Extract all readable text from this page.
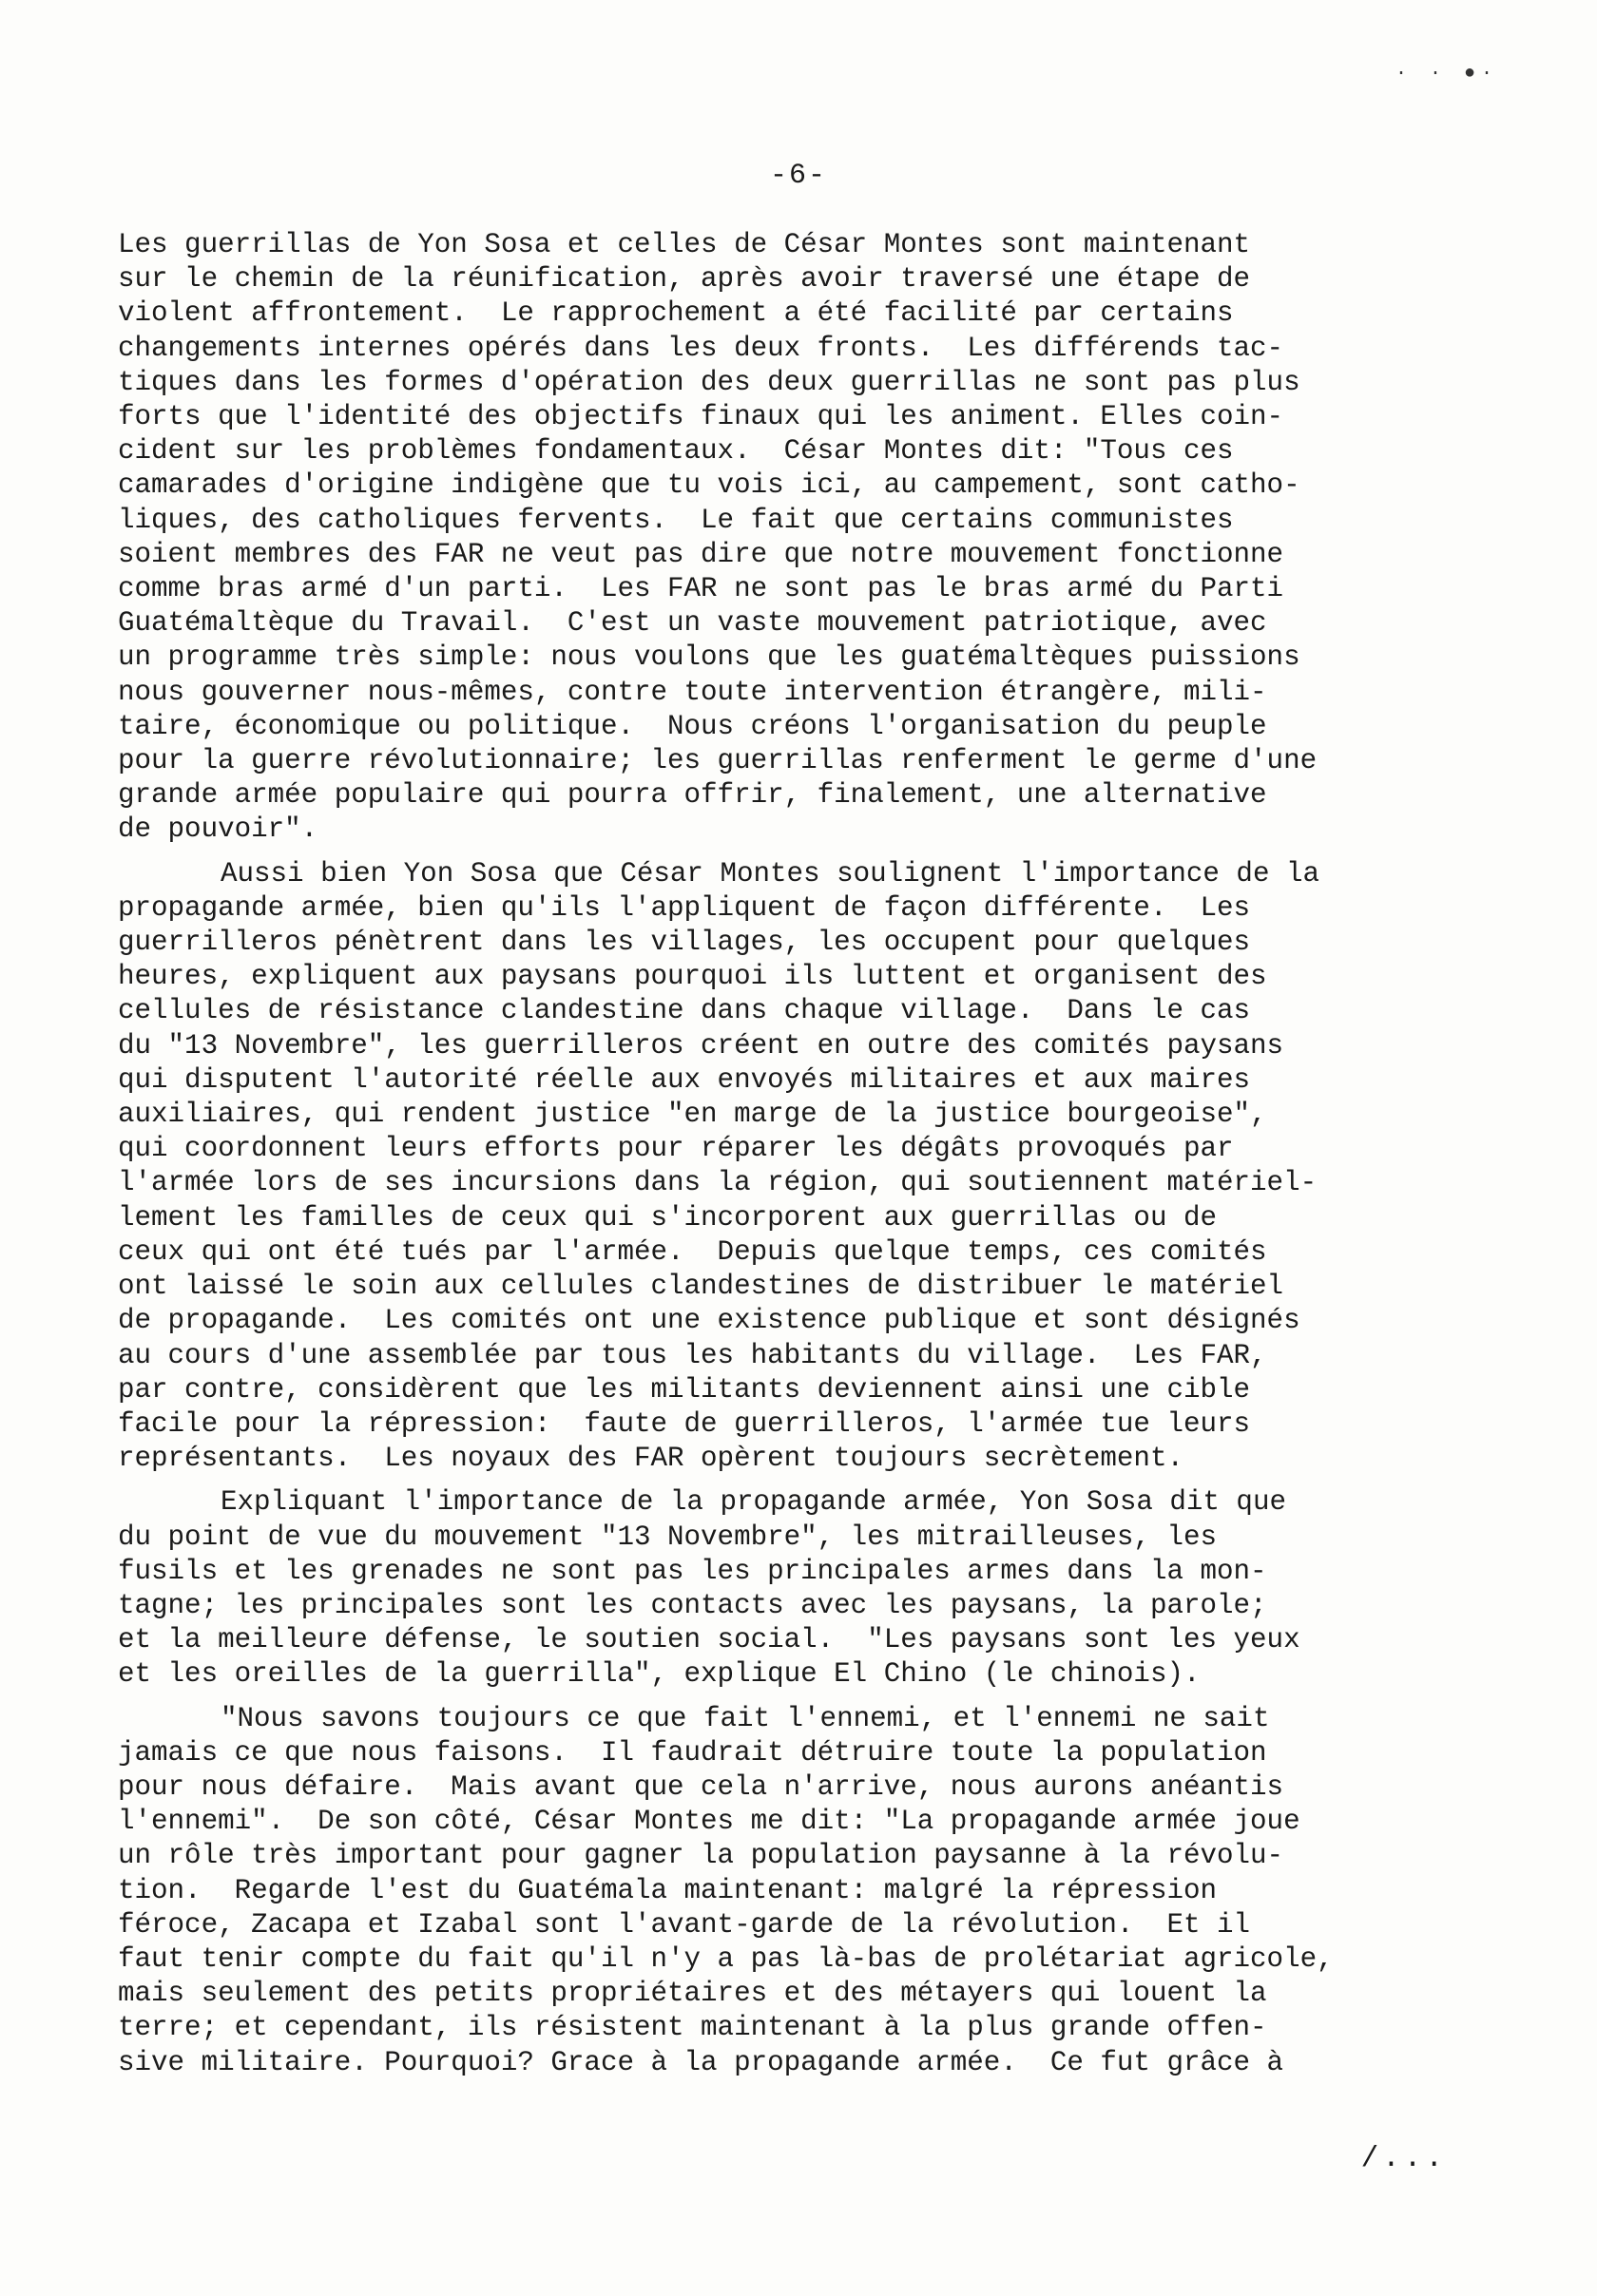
· · ●·
-6-
Les guerrillas de Yon Sosa et celles de César Montes sont maintenant
sur le chemin de la réunification, après avoir traversé une étape de
violent affrontement.  Le rapprochement a été facilité par certains
changements internes opérés dans les deux fronts.  Les différends tac-
tiques dans les formes d'opération des deux guerrillas ne sont pas plus
forts que l'identité des objectifs finaux qui les animent. Elles coin-
cident sur les problèmes fondamentaux.  César Montes dit: "Tous ces
camarades d'origine indigène que tu vois ici, au campement, sont catho-
liques, des catholiques fervents.  Le fait que certains communistes
soient membres des FAR ne veut pas dire que notre mouvement fonctionne
comme bras armé d'un parti.  Les FAR ne sont pas le bras armé du Parti
Guatémaltèque du Travail.  C'est un vaste mouvement patriotique, avec
un programme très simple: nous voulons que les guatémaltèques puissions
nous gouverner nous-mêmes, contre toute intervention étrangère, mili-
taire, économique ou politique.  Nous créons l'organisation du peuple
pour la guerre révolutionnaire; les guerrillas renferment le germe d'une
grande armée populaire qui pourra offrir, finalement, une alternative
de pouvoir".
Aussi bien Yon Sosa que César Montes soulignent l'importance de la
propagande armée, bien qu'ils l'appliquent de façon différente.  Les
guerrilleros pénètrent dans les villages, les occupent pour quelques
heures, expliquent aux paysans pourquoi ils luttent et organisent des
cellules de résistance clandestine dans chaque village.  Dans le cas
du "13 Novembre", les guerrilleros créent en outre des comités paysans
qui disputent l'autorité réelle aux envoyés militaires et aux maires
auxiliaires, qui rendent justice "en marge de la justice bourgeoise",
qui coordonnent leurs efforts pour réparer les dégâts provoqués par
l'armée lors de ses incursions dans la région, qui soutiennent matériel-
lement les familles de ceux qui s'incorporent aux guerrillas ou de
ceux qui ont été tués par l'armée.  Depuis quelque temps, ces comités
ont laissé le soin aux cellules clandestines de distribuer le matériel
de propagande.  Les comités ont une existence publique et sont désignés
au cours d'une assemblée par tous les habitants du village.  Les FAR,
par contre, considèrent que les militants deviennent ainsi une cible
facile pour la répression:  faute de guerrilleros, l'armée tue leurs
représentants.  Les noyaux des FAR opèrent toujours secrètement.
Expliquant l'importance de la propagande armée, Yon Sosa dit que
du point de vue du mouvement "13 Novembre", les mitrailleuses, les
fusils et les grenades ne sont pas les principales armes dans la mon-
tagne; les principales sont les contacts avec les paysans, la parole;
et la meilleure défense, le soutien social.  "Les paysans sont les yeux
et les oreilles de la guerrilla", explique El Chino (le chinois).
"Nous savons toujours ce que fait l'ennemi, et l'ennemi ne sait
jamais ce que nous faisons.  Il faudrait détruire toute la population
pour nous défaire.  Mais avant que cela n'arrive, nous aurons anéantis
l'ennemi".  De son côté, César Montes me dit: "La propagande armée joue
un rôle très important pour gagner la population paysanne à la révolu-
tion.  Regarde l'est du Guatémala maintenant: malgré la répression
féroce, Zacapa et Izabal sont l'avant-garde de la révolution.  Et il
faut tenir compte du fait qu'il n'y a pas là-bas de prolétariat agricole,
mais seulement des petits propriétaires et des métayers qui louent la
terre; et cependant, ils résistent maintenant à la plus grande offen-
sive militaire. Pourquoi? Grace à la propagande armée.  Ce fut grâce à
/...
